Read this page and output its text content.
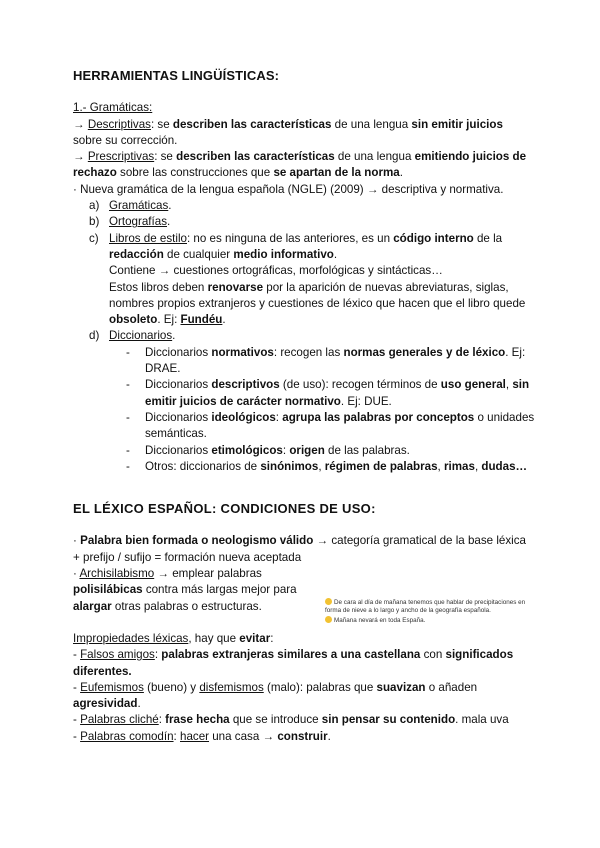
HERRAMIENTAS LINGÜÍSTICAS:

1.- Gramáticas:

→ Descriptivas: se describen las características de una lengua sin emitir juicios sobre su corrección.

→ Prescriptivas: se describen las características de una lengua emitiendo juicios de rechazo sobre las construcciones que se apartan de la norma.

· Nueva gramática de la lengua española (NGLE) (2009) → descriptiva y normativa.

a) Gramáticas.
b) Ortografías.
c) Libros de estilo: no es ninguna de las anteriores, es un código interno de la redacción de cualquier medio informativo.

Contiene → cuestiones ortográficas, morfológicas y sintácticas…

Estos libros deben renovarse por la aparición de nuevas abreviaturas, siglas, nombres propios extranjeros y cuestiones de léxico que hacen que el libro quede obsoleto. Ej: Fundéu.

d) Diccionarios.
- Diccionarios normativos: recogen las normas generales y de léxico. Ej: DRAE.
- Diccionarios descriptivos (de uso): recogen términos de uso general, sin emitir juicios de carácter normativo. Ej: DUE.
- Diccionarios ideológicos: agrupa las palabras por conceptos o unidades semánticas.
- Diccionarios etimológicos: origen de las palabras.
- Otros: diccionarios de sinónimos, régimen de palabras, rimas, dudas…

EL LÉXICO ESPAÑOL: CONDICIONES DE USO:

· Palabra bien formada o neologismo válido → categoría gramatical de la base léxica + prefijo / sufijo = formación nueva aceptada

· Archisilabismo → emplear palabras polisilábicas contra más largas mejor para alargar otras palabras o estructuras.

Impropiedades léxicas, hay que evitar:

- Falsos amigos: palabras extranjeras similares a una castellana con significados diferentes.

- Eufemismos (bueno) y disfemismos (malo): palabras que suavizan o añaden agresividad.

- Palabras cliché: frase hecha que se introduce sin pensar su contenido. mala uva

- Palabras comodín: hacer una casa → construir.

De cara al día de mañana tenemos que hablar de precipitaciones en forma de nieve a lo largo y ancho de la geografía española.
Mañana nevará en toda España.
